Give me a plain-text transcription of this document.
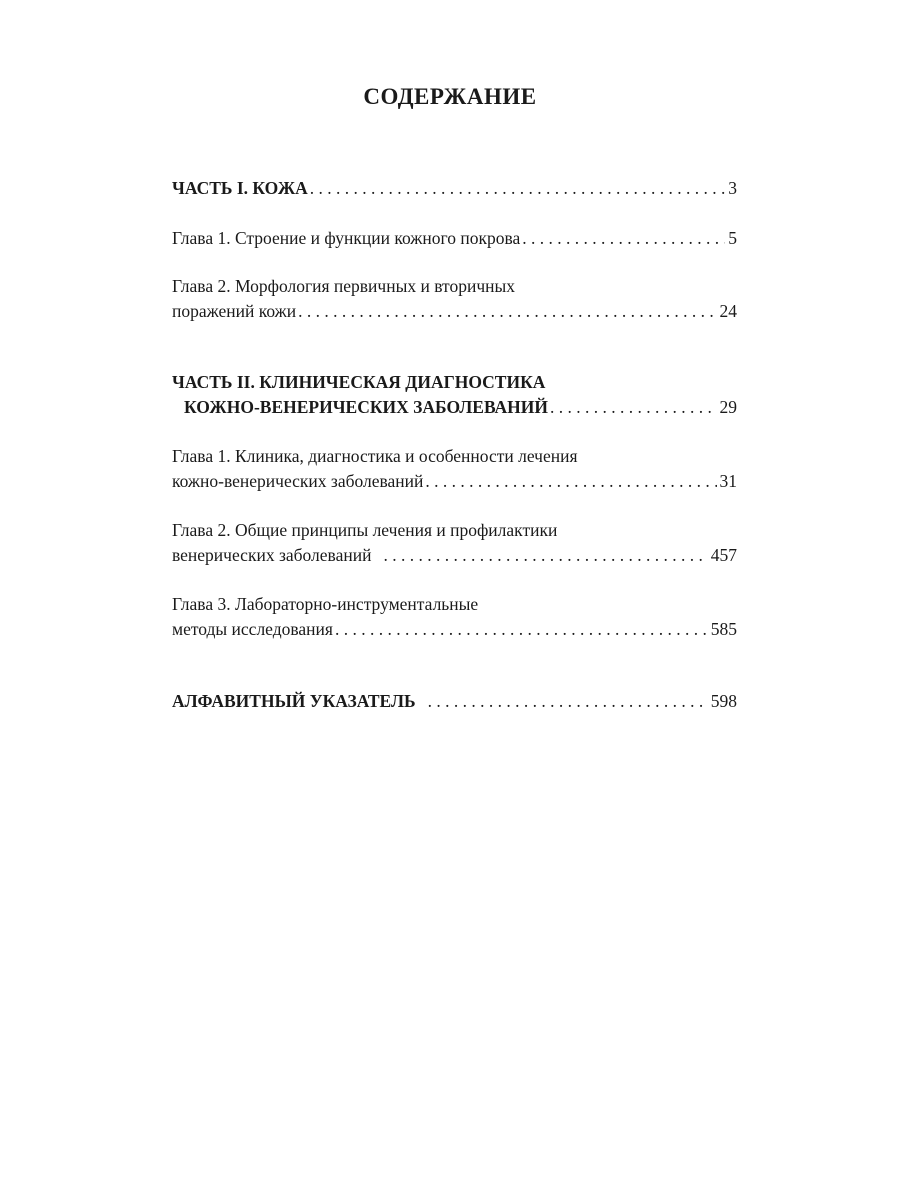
СОДЕРЖАНИЕ
ЧАСТЬ I. КОЖА . . .	3
Глава 1. Строение и функции кожного покрова . . .	5
Глава 2. Морфология первичных и вторичных
поражений кожи . . .	24
ЧАСТЬ II. КЛИНИЧЕСКАЯ ДИАГНОСТИКА
КОЖНО-ВЕНЕРИЧЕСКИХ ЗАБОЛЕВАНИЙ . . .	29
Глава 1. Клиника, диагностика и особенности лечения
кожно-венерических заболеваний . . .	31
Глава 2. Общие принципы лечения и профилактики
венерических заболеваний . . .	457
Глава 3. Лабораторно-инструментальные
методы исследования . . .	585
АЛФАВИТНЫЙ УКАЗАТЕЛЬ . . .	598
